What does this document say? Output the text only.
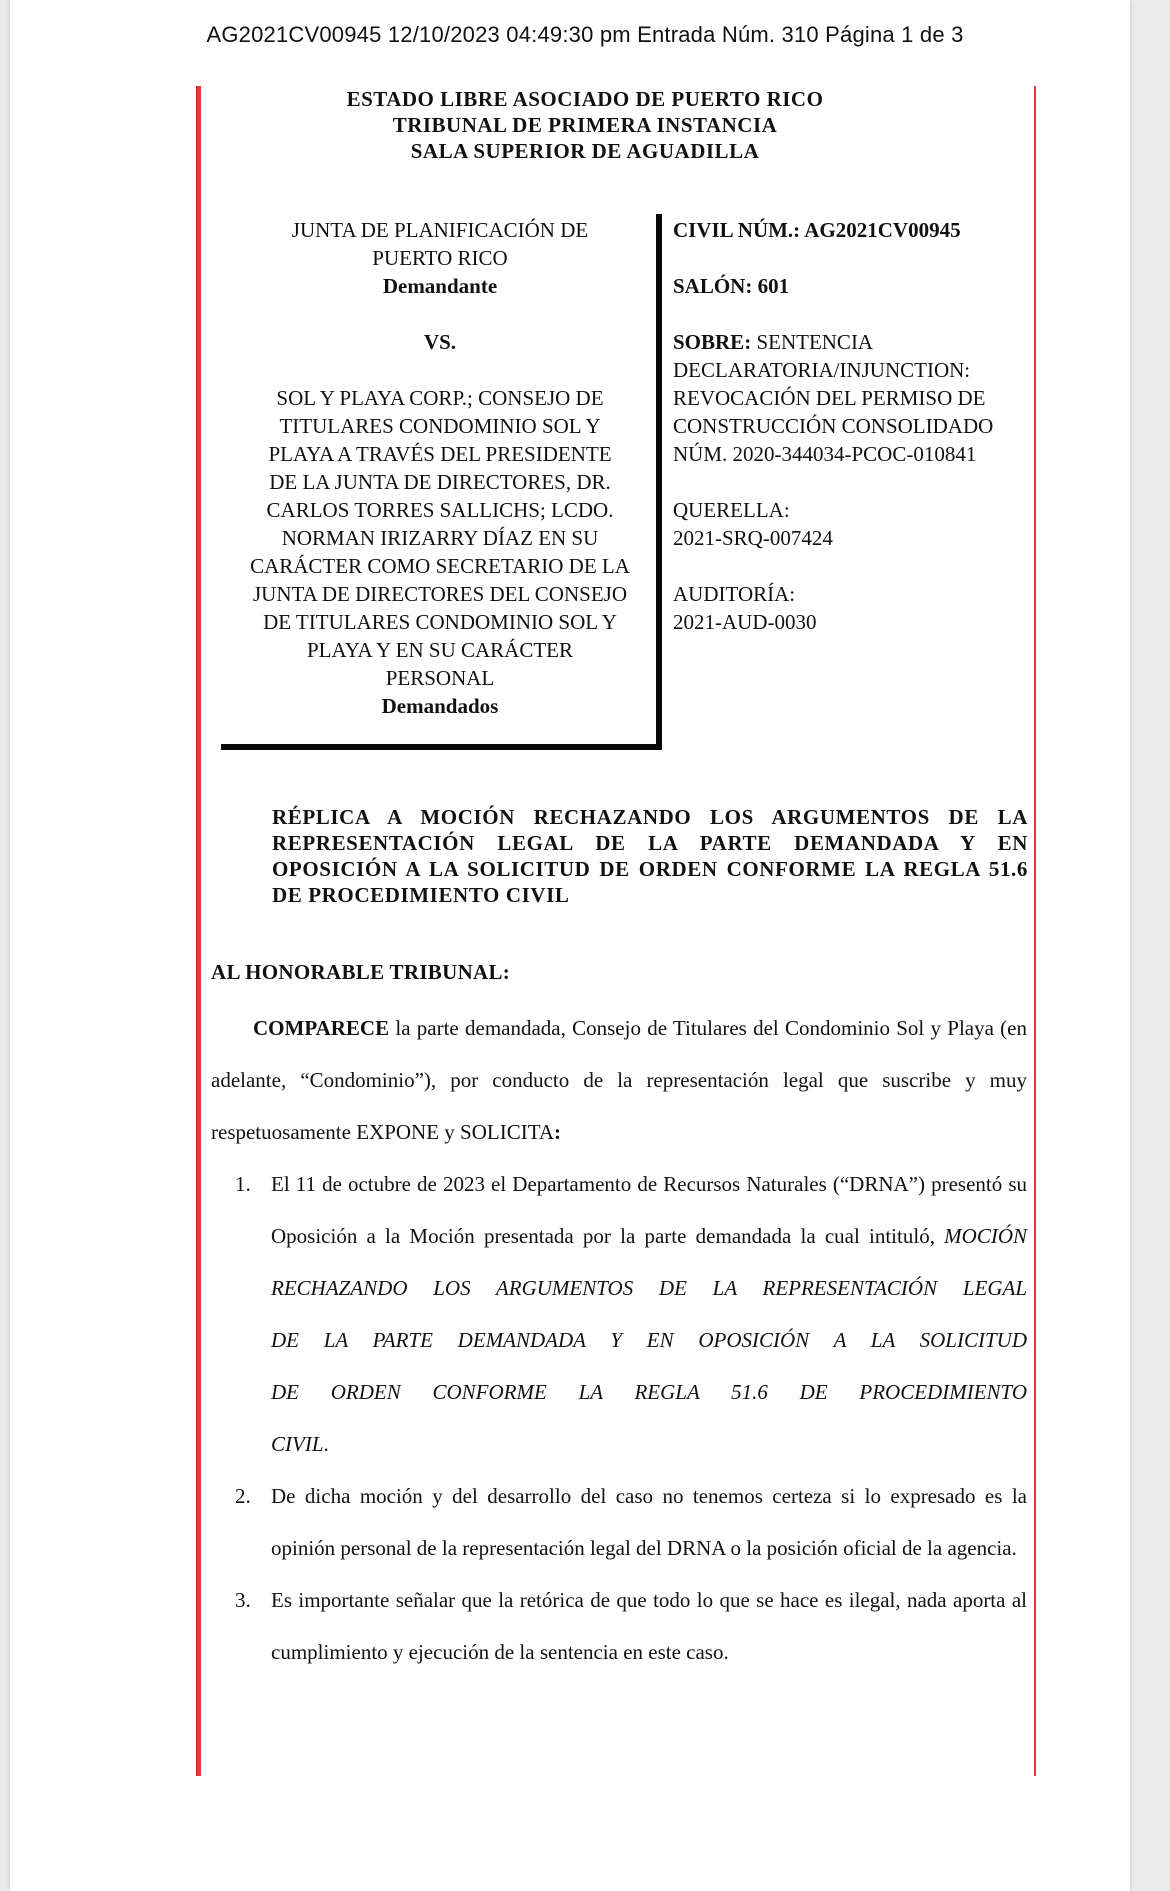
AG2021CV00945 12/10/2023 04:49:30 pm Entrada Núm. 310 Página 1 de 3
ESTADO LIBRE ASOCIADO DE PUERTO RICO
TRIBUNAL DE PRIMERA INSTANCIA
SALA SUPERIOR DE AGUADILLA
JUNTA DE PLANIFICACIÓN DE
PUERTO RICO
Demandante
VS.
SOL Y PLAYA CORP.; CONSEJO DE
TITULARES CONDOMINIO SOL Y
PLAYA A TRAVÉS DEL PRESIDENTE
DE LA JUNTA DE DIRECTORES, DR.
CARLOS TORRES SALLICHS; LCDO.
NORMAN IRIZARRY DÍAZ EN SU
CARÁCTER COMO SECRETARIO DE LA
JUNTA DE DIRECTORES DEL CONSEJO
DE TITULARES CONDOMINIO SOL Y
PLAYA Y EN SU CARÁCTER
PERSONAL
Demandados
CIVIL NÚM.: AG2021CV00945
SALÓN: 601
SOBRE: SENTENCIA
DECLARATORIA/INJUNCTION:
REVOCACIÓN DEL PERMISO DE
CONSTRUCCIÓN CONSOLIDADO
NÚM. 2020-344034-PCOC-010841
QUERELLA:
2021-SRQ-007424
AUDITORÍA:
2021-AUD-0030
RÉPLICA A MOCIÓN RECHAZANDO LOS ARGUMENTOS DE LA REPRESENTACIÓN LEGAL DE LA PARTE DEMANDADA Y EN OPOSICIÓN A LA SOLICITUD DE ORDEN CONFORME LA REGLA 51.6 DE PROCEDIMIENTO CIVIL
AL HONORABLE TRIBUNAL:
COMPARECE la parte demandada, Consejo de Titulares del Condominio Sol y Playa (en adelante, “Condominio”), por conducto de la representación legal que suscribe y muy respetuosamente EXPONE y SOLICITA:
1. El 11 de octubre de 2023 el Departamento de Recursos Naturales (“DRNA”) presentó su Oposición a la Moción presentada por la parte demandada la cual intituló, MOCIÓN RECHAZANDO LOS ARGUMENTOS DE LA REPRESENTACIÓN LEGAL DE LA PARTE DEMANDADA Y EN OPOSICIÓN A LA SOLICITUD DE ORDEN CONFORME LA REGLA 51.6 DE PROCEDIMIENTO CIVIL.
2. De dicha moción y del desarrollo del caso no tenemos certeza si lo expresado es la opinión personal de la representación legal del DRNA o la posición oficial de la agencia.
3. Es importante señalar que la retórica de que todo lo que se hace es ilegal, nada aporta al cumplimiento y ejecución de la sentencia en este caso.
